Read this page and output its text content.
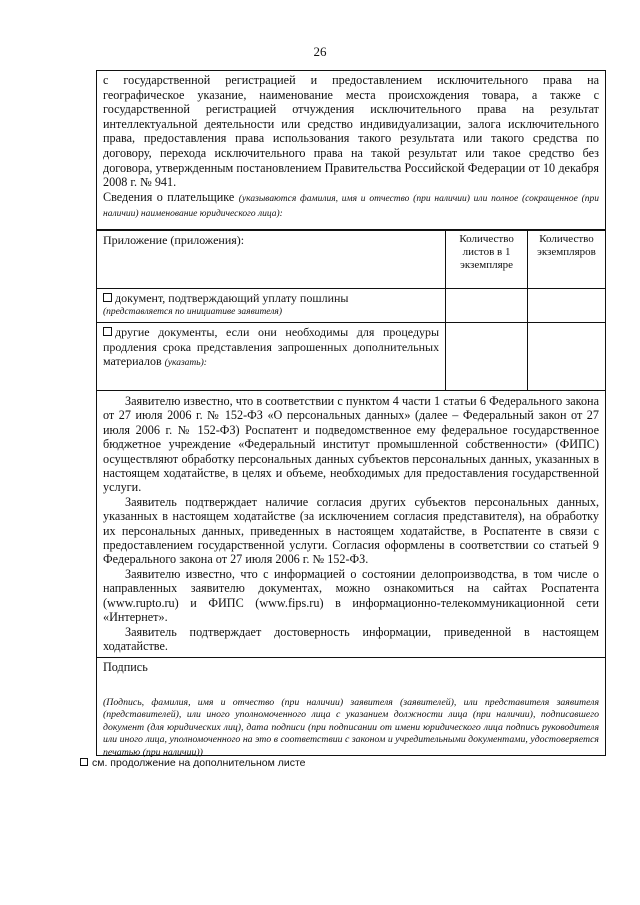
26
с государственной регистрацией и предоставлением исключительного права на географическое указание, наименование места происхождения товара, а также с государственной регистрацией отчуждения исключительного права на результат интеллектуальной деятельности или средство индивидуализации, залога исключительного права, предоставления права использования такого результата или такого средства по договору, перехода исключительного права на такой результат или такое средство без договора, утвержденным постановлением Правительства Российской Федерации от 10 декабря 2008 г. № 941.
Сведения о плательщике (указываются фамилия, имя и отчество (при наличии) или полное (сокращенное (при наличии) наименование юридического лица):
Приложение (приложения):	Количество листов в 1 экземпляре	Количество экземпляров

документ, подтверждающий уплату пошлины
(представляется по инициативе заявителя)		

другие документы, если они необходимы для процедуры продления срока представления запрошенных дополнительных материалов (указать):		

Заявителю известно, что в соответствии с пунктом 4 части 1 статьи 6 Федерального закона от 27 июля 2006 г. № 152-ФЗ «О персональных данных» (далее – Федеральный закон от 27 июля 2006 г. № 152-ФЗ) Роспатент и подведомственное ему федеральное государственное бюджетное учреждение «Федеральный институт промышленной собственности» (ФИПС) осуществляют обработку персональных данных субъектов персональных данных, указанных в настоящем ходатайстве, в целях и объеме, необходимых для предоставления государственной услуги.

Заявитель подтверждает наличие согласия других субъектов персональных данных, указанных в настоящем ходатайстве (за исключением согласия представителя), на обработку их персональных данных, приведенных в настоящем ходатайстве, в Роспатенте в связи с предоставлением государственной услуги. Согласия оформлены в соответствии со статьей 9 Федерального закона от 27 июля 2006 г. № 152-ФЗ.

Заявителю известно, что с информацией о состоянии делопроизводства, в том числе о направленных заявителю документах, можно ознакомиться на сайтах Роспатента (www.rupto.ru) и ФИПС (www.fips.ru) в информационно-телекоммуникационной сети «Интернет».

Заявитель подтверждает достоверность информации, приведенной в настоящем ходатайстве.

Подпись
(Подпись, фамилия, имя и отчество (при наличии) заявителя (заявителей), или представителя заявителя (представителей), или иного уполномоченного лица с указанием должности лица (при наличии), подписавшего документ (для юридических лиц), дата подписи (при подписании от имени юридического лица подпись руководителя или иного лица, уполномоченного на это в соответствии с законом и учредительными документами, удостоверяется печатью (при наличии))
см. продолжение на дополнительном листе
